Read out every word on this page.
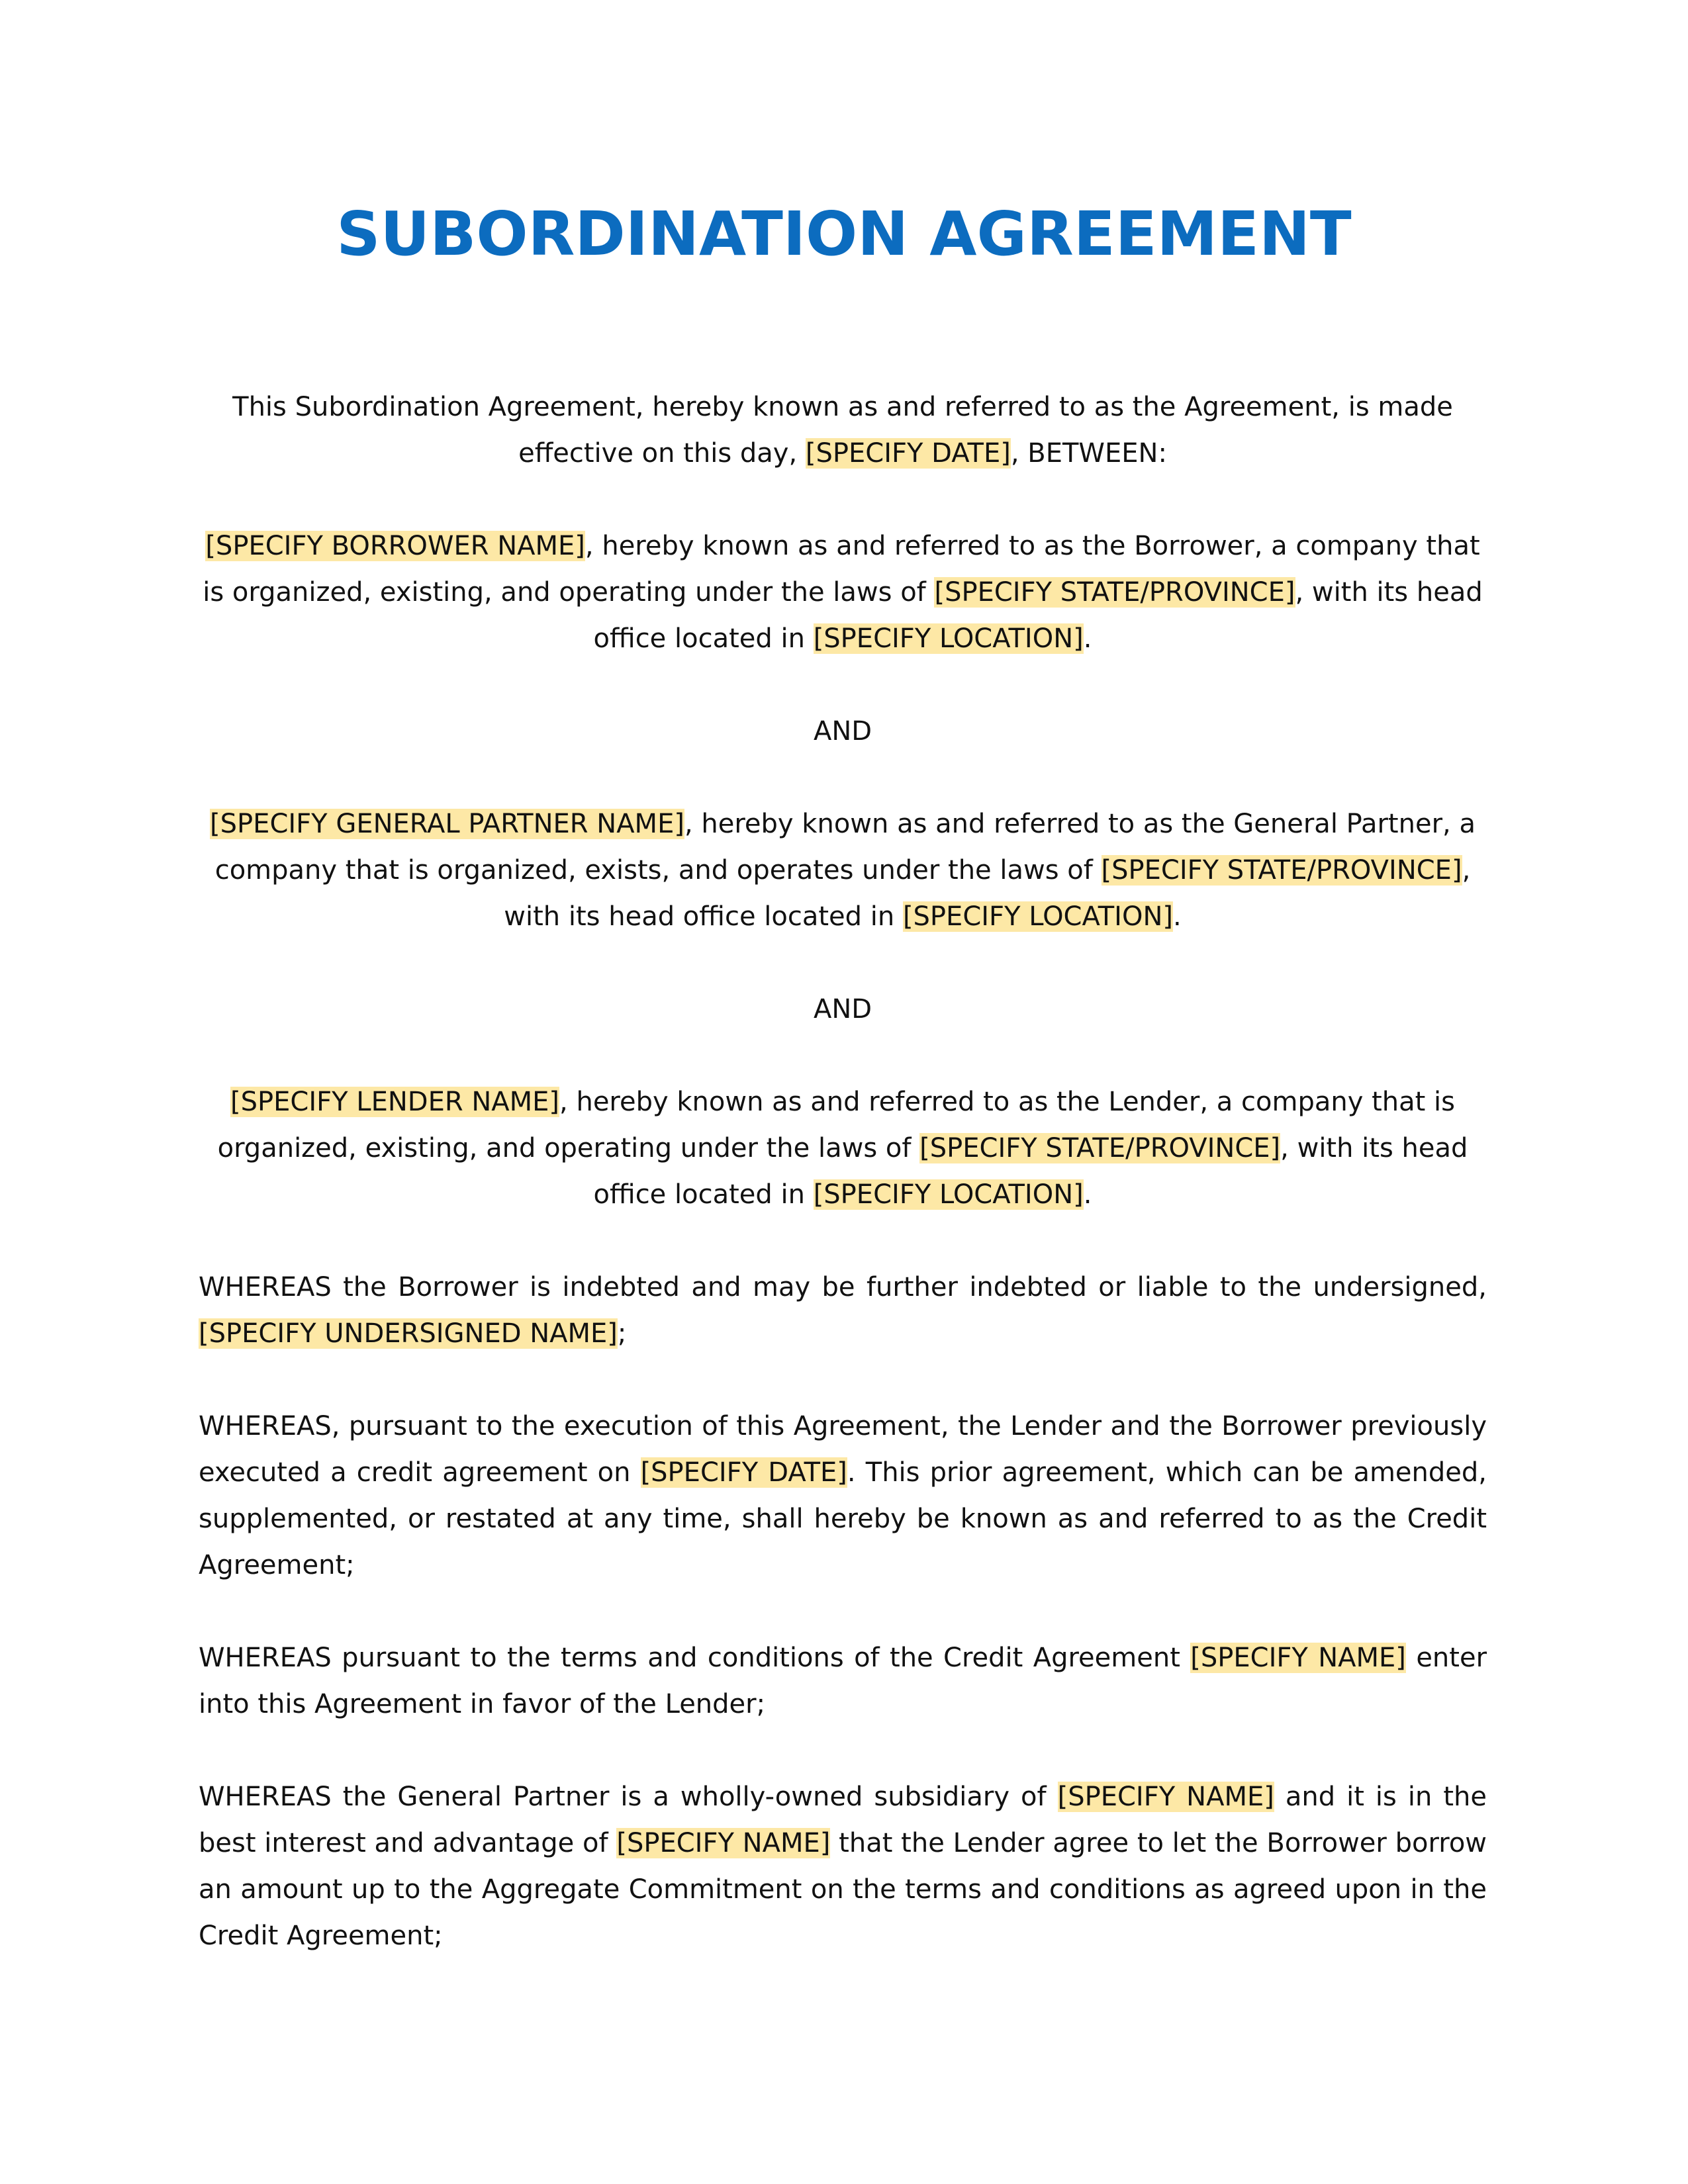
SUBORDINATION AGREEMENT

This Subordination Agreement, hereby known as and referred to as the Agreement, is made effective on this day, [SPECIFY DATE], BETWEEN:

[SPECIFY BORROWER NAME], hereby known as and referred to as the Borrower, a company that is organized, existing, and operating under the laws of [SPECIFY STATE/PROVINCE], with its head office located in [SPECIFY LOCATION].

AND

[SPECIFY GENERAL PARTNER NAME], hereby known as and referred to as the General Partner, a company that is organized, exists, and operates under the laws of [SPECIFY STATE/PROVINCE], with its head office located in [SPECIFY LOCATION].

AND

[SPECIFY LENDER NAME], hereby known as and referred to as the Lender, a company that is organized, existing, and operating under the laws of [SPECIFY STATE/PROVINCE], with its head office located in [SPECIFY LOCATION].

WHEREAS the Borrower is indebted and may be further indebted or liable to the undersigned, [SPECIFY UNDERSIGNED NAME];

WHEREAS, pursuant to the execution of this Agreement, the Lender and the Borrower previously executed a credit agreement on [SPECIFY DATE]. This prior agreement, which can be amended, supplemented, or restated at any time, shall hereby be known as and referred to as the Credit Agreement;

WHEREAS pursuant to the terms and conditions of the Credit Agreement [SPECIFY NAME] enter into this Agreement in favor of the Lender;

WHEREAS the General Partner is a wholly-owned subsidiary of [SPECIFY NAME] and it is in the best interest and advantage of [SPECIFY NAME] that the Lender agree to let the Borrower borrow an amount up to the Aggregate Commitment on the terms and conditions as agreed upon in the Credit Agreement;
